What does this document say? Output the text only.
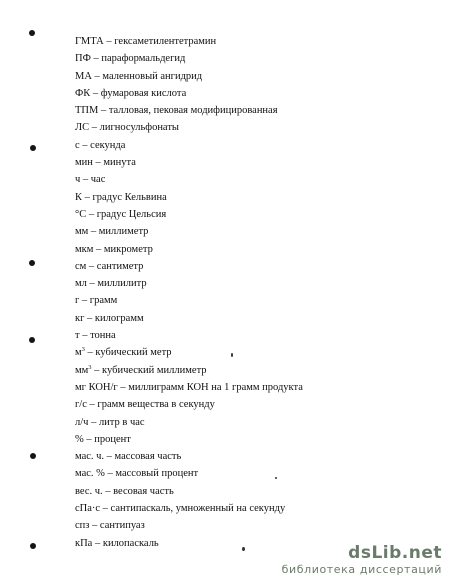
ГМТА – гексаметилентетрамин
ПФ – параформальдегид
МА – маленновый ангидрид
ФК – фумаровая кислота
ТПМ – талловая, пековая модифицированная
ЛС – лигносульфонаты
с – секунда
мин – минута
ч – час
К – градус Кельвина
°С – градус Цельсия
мм – миллиметр
мкм – микрометр
см – сантиметр
мл – миллилитр
г – грамм
кг – килограмм
т – тонна
$м^3$ – кубический метр
$мм^3$ – кубический миллиметр
мг КОН/г – миллиграмм КОН на 1 грамм продукта
г/с – грамм вещества в секунду
л/ч – литр в час
% – процент
мас. ч. – массовая часть
мас. % – массовый процент
вес. ч. – весовая часть
сПа·с – сантипаскаль, умноженный на секунду
спз – сантипуаз
кПа – килопаскаль	dsLib.net
библиотека диссертаций
